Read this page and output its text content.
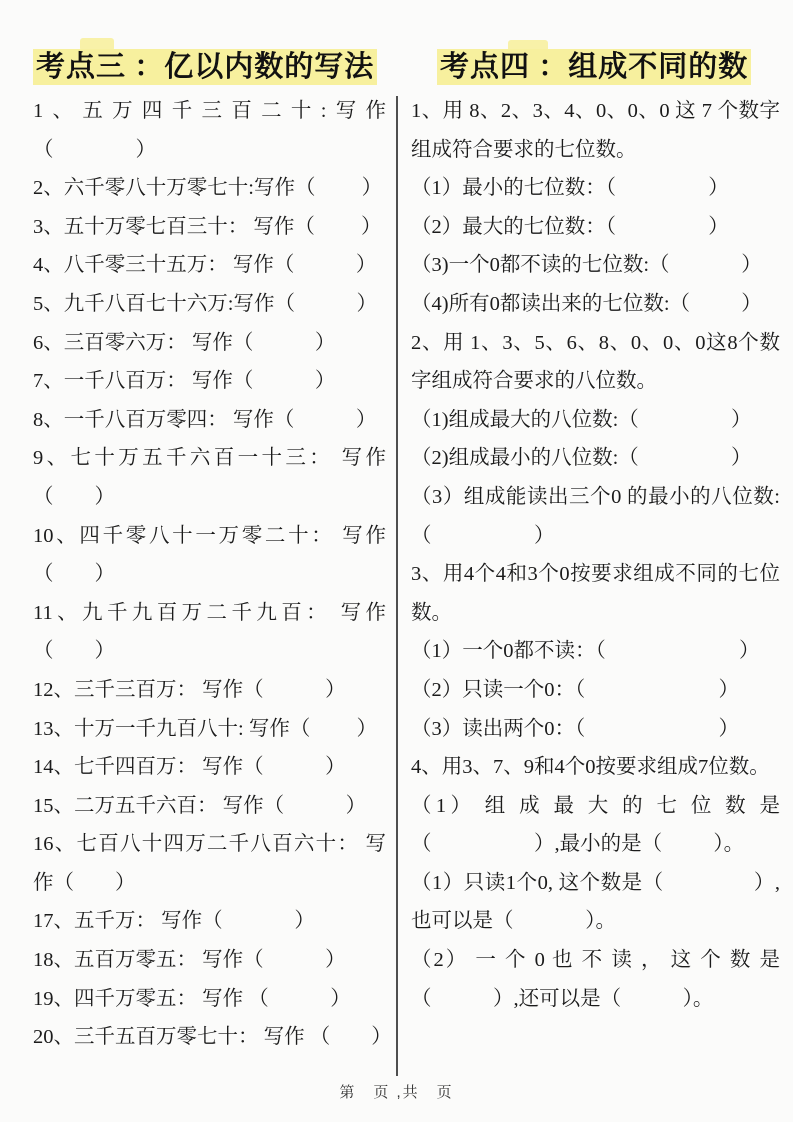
考点三 ：亿以内数的写法

1、五万四千三百二十:写作（                ）

2、六千零八十万零七十:写作（         ）

3、五十万零七百三十： 写作（         ）

4、八千零三十五万： 写作（            ）

5、九千八百七十六万:写作（            ）

6、三百零六万： 写作（            ）

7、一千八百万： 写作（            ）

8、一千八百万零四： 写作（            ）

9、七十万五千六百一十三： 写作（        ）

10、四千零八十一万零二十： 写作（        ）

11、九千九百万二千九百： 写作（        ）

12、三千三百万： 写作（            ）

13、十万一千九百八十: 写作（         ）

14、七千四百万： 写作（            ）

15、二万五千六百： 写作（            ）

16、七百八十四万二千八百六十： 写作（        ）

17、五千万： 写作（              ）

18、五百万零五： 写作（            ）

19、四千万零五： 写作 （            ）

20、三千五百万零七十： 写作 （        ）

考点四 ：组成不同的数

1、用 8、2、3、4、0、0、0 这 7 个数字组成符合要求的七位数。

（1）最小的七位数：（                  ）

（2）最大的七位数：（                  ）

（3)一个0都不读的七位数:（              ）

（4)所有0都读出来的七位数:（          ）

2、用 1、3、5、6、8、0、0、0这8个数字组成符合要求的八位数。

（1)组成最大的八位数:（                  ）

（2)组成最小的八位数:（                  ）

（3）组成能读出三个0 的最小的八位数:（                    ）

3、用4个4和3个0按要求组成不同的七位数。

（1）一个0都不读：（                          ）

（2）只读一个0：（                          ）

（3）读出两个0：（                          ）

4、用3、7、9和4个0按要求组成7位数。

（1） 组 成 最 大 的 七 位 数 是 （                    ）,最小的是（          ）。

（1）只读1个0, 这个数是（                ）,也可以是（              ）。

（2） 一 个 0 也 不 读 ， 这 个 数 是 （            ）,还可以是（            ）。

第　页 ,共　页
